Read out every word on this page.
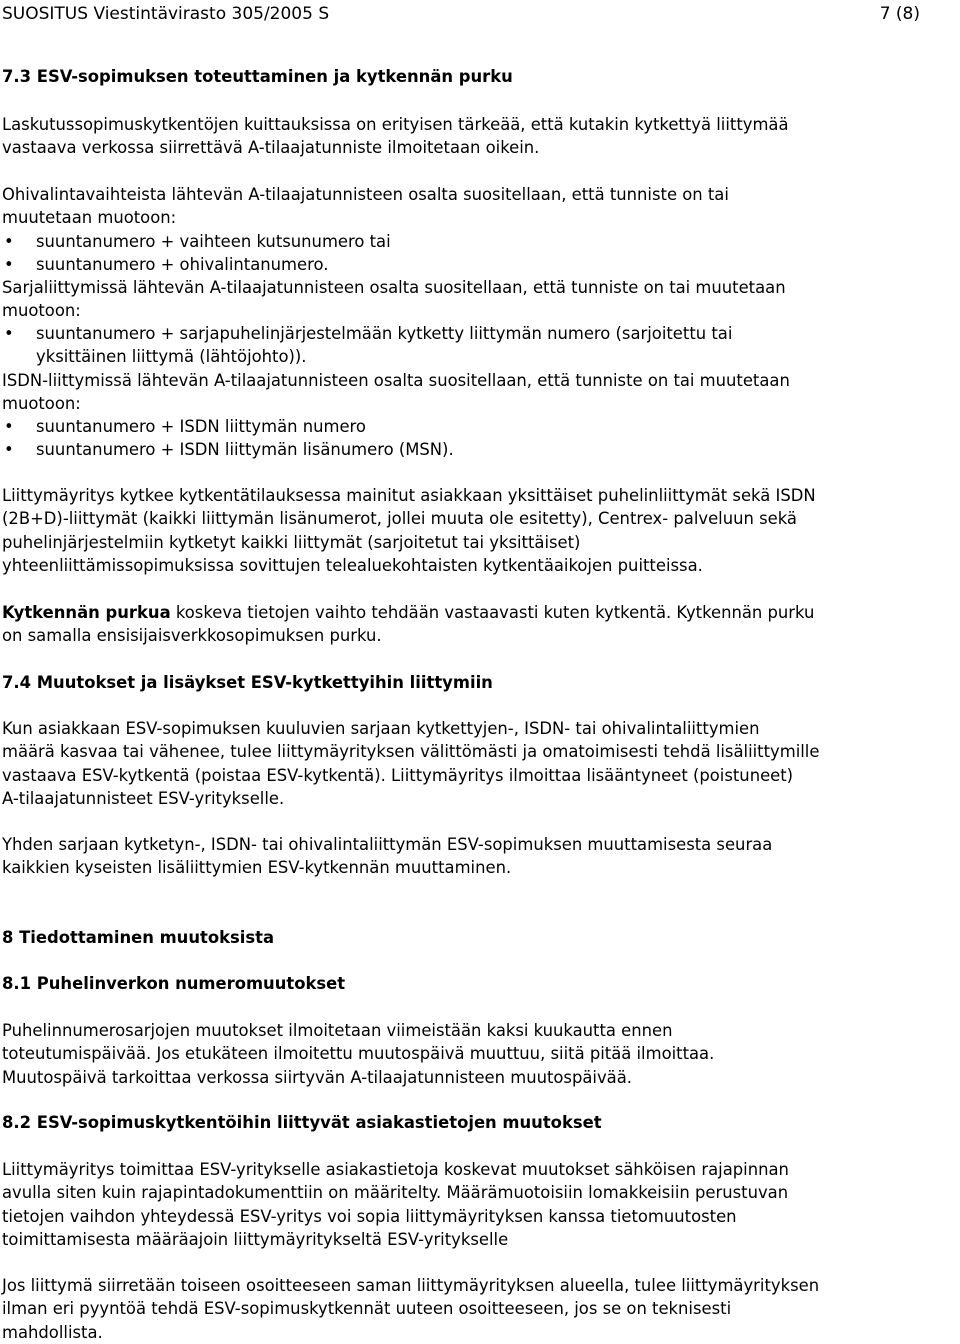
SUOSITUS Viestintävirasto 305/2005 S	7 (8)
7.3 ESV-sopimuksen toteuttaminen ja kytkennän purku
Laskutussopimuskytkentöjen kuittauksissa on erityisen tärkeää, että kutakin kytkettyä liittymää
vastaava verkossa siirrettävä A-tilaajatunniste ilmoitetaan oikein.
Ohivalintavaihteista lähtevän A-tilaajatunnisteen osalta suositellaan, että tunniste on tai
muutetaan muotoon:
• suuntanumero + vaihteen kutsunumero tai
• suuntanumero + ohivalintanumero.
Sarjaliittymissä lähtevän A-tilaajatunnisteen osalta suositellaan, että tunniste on tai muutetaan
muotoon:
• suuntanumero + sarjapuhelinjärjestelmään kytketty liittymän numero (sarjoitettu tai
yksittäinen liittymä (lähtöjohto)).
ISDN-liittymissä lähtevän A-tilaajatunnisteen osalta suositellaan, että tunniste on tai muutetaan
muotoon:
• suuntanumero + ISDN liittymän numero
• suuntanumero + ISDN liittymän lisänumero (MSN).
Liittymäyritys kytkee kytkentätilauksessa mainitut asiakkaan yksittäiset puhelinliittymät sekä ISDN
(2B+D)-liittymät (kaikki liittymän lisänumerot, jollei muuta ole esitetty), Centrex- palveluun sekä
puhelinjärjestelmiin kytketyt kaikki liittymät (sarjoitetut tai yksittäiset)
yhteenliittämissopimuksissa sovittujen telealuekohtaisten kytkentäaikojen puitteissa.
Kytkennän purkua koskeva tietojen vaihto tehdään vastaavasti kuten kytkentä. Kytkennän purku
on samalla ensisijaisverkkosopimuksen purku.
7.4 Muutokset ja lisäykset ESV-kytkettyihin liittymiin
Kun asiakkaan ESV-sopimuksen kuuluvien sarjaan kytkettyjen-, ISDN- tai ohivalintaliittymien
määrä kasvaa tai vähenee, tulee liittymäyrityksen välittömästi ja omatoimisesti tehdä lisäliittymille
vastaava ESV-kytkentä (poistaa ESV-kytkentä). Liittymäyritys ilmoittaa lisääntyneet (poistuneet)
A-tilaajatunnisteet ESV-yritykselle.
Yhden sarjaan kytketyn-, ISDN- tai ohivalintaliittymän ESV-sopimuksen muuttamisesta seuraa
kaikkien kyseisten lisäliittymien ESV-kytkennän muuttaminen.
8 Tiedottaminen muutoksista
8.1 Puhelinverkon numeromuutokset
Puhelinnumerosarjojen muutokset ilmoitetaan viimeistään kaksi kuukautta ennen
toteutumispäivää. Jos etukäteen ilmoitettu muutospäivä muuttuu, siitä pitää ilmoittaa.
Muutospäivä tarkoittaa verkossa siirtyvän A-tilaajatunnisteen muutospäivää.
8.2 ESV-sopimuskytkentöihin liittyvät asiakastietojen muutokset
Liittymäyritys toimittaa ESV-yritykselle asiakastietoja koskevat muutokset sähköisen rajapinnan
avulla siten kuin rajapintadokumenttiin on määritelty. Määrämuotoisiin lomakkeisiin perustuvan
tietojen vaihdon yhteydessä ESV-yritys voi sopia liittymäyrityksen kanssa tietomuutosten
toimittamisesta määräajoin liittymäyritykseltä ESV-yritykselle
Jos liittymä siirretään toiseen osoitteeseen saman liittymäyrityksen alueella, tulee liittymäyrityksen
ilman eri pyyntöä tehdä ESV-sopimuskytkennät uuteen osoitteeseen, jos se on teknisesti
mahdollista.
